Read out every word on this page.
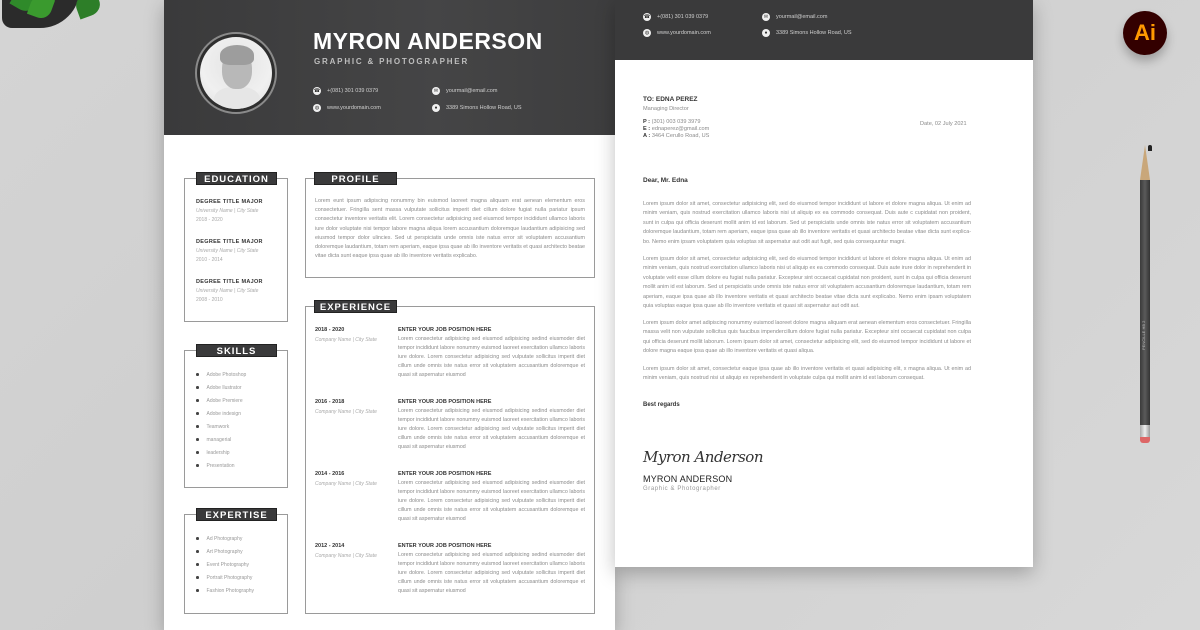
MYRON ANDERSON
GRAPHIC & PHOTOGRAPHER
☎ +(081) 301 039 0379	✉	yourmail@email.com
◍	www.yourdomain.com	●	3389 Simons Hollow Road, US
EDUCATION
DEGREE TITLE MAJOR
University Name | City State
2018 - 2020
DEGREE TITLE MAJOR
University Name | City State
2010 - 2014
DEGREE TITLE MAJOR
University Name | City State
2008 - 2010
SKILLS
Adobe Photoshop
Adobe llustrator
Adobe Premiere
Adobe indesign
Teamwork
managerial
leadership
Presentation
EXPERTISE
Ad Photography
Art Photography
Event Photography
Portrait Photography
Fashion Photography
PROFILE
Lorem eunt ipsum adipiscing nonummy bin euismod laoreet magna aliquam erat aenean elementum eros consectetuer. Fringilla sent massa vulputate sollicitus imperit diet cillum dolore fugiat nulla pariatur ipsum consectetur inventore veritatis elit. Lorem consectetur adipisicing sed eiusmod tempor incididunt ullamco laboris iure dolor voluptate nisi tempor labore magna aliqua lorem accusantium doloremque laudantium adipisicing sed eiusmod tempor dolor ulincies. Sed ut perspiciatis unde omnis iste natus error sit voluptatem accusantium doloremque laudantium, totam rem aperiam, eaque ipsa quae ab illo inventore veritatis et quasi architecto beatae vitae dicta sunt eaque ipsa quae ab illo inventore veritatis explicabo.
EXPERIENCE
2018 - 2020
Company Name | City State
ENTER YOUR JOB POSITION HERE
Lorem consectetur adipisicing sed eiusmod adipisicing sedind eiusmoder diet tempor incididunt labore nonummy euismod laoreet exercitation ullamco laboris iure dolore. Lorem consectetur adipisicing sed vulputate sollicitus imperit diet cillum unde omnis iste natus error sit voluptatem accusantium doloremque et quasi sit aspernatur eiusmod
2016 - 2018
Company Name | City State
ENTER YOUR JOB POSITION HERE
Lorem consectetur adipisicing sed eiusmod adipisicing sedind eiusmoder diet tempor incididunt labore nonummy euismod laoreet exercitation ullamco laboris iure dolore. Lorem consectetur adipisicing sed vulputate sollicitus imperit diet cillum unde omnis iste natus error sit voluptatem accusantium doloremque et quasi sit aspernatur eiusmod
2014 - 2016
Company Name | City State
ENTER YOUR JOB POSITION HERE
Lorem consectetur adipisicing sed eiusmod adipisicing sedind eiusmoder diet tempor incididunt labore nonummy euismod laoreet exercitation ullamco laboris iure dolore. Lorem consectetur adipisicing sed vulputate sollicitus imperit diet cillum unde omnis iste natus error sit voluptatem accusantium doloremque et quasi sit aspernatur eiusmod
2012 - 2014
Company Name | City State
ENTER YOUR JOB POSITION HERE
Lorem consectetur adipisicing sed eiusmod adipisicing sedind eiusmoder diet tempor incididunt labore nonummy euismod laoreet exercitation ullamco laboris iure dolore. Lorem consectetur adipisicing sed vulputate sollicitus imperit diet cillum unde omnis iste natus error sit voluptatem accusantium doloremque et quasi sit aspernatur eiusmod
☎ +(081) 301 039 0379	✉	yourmail@email.com
◍	www.yourdomain.com	●	3389 Simons Hollow Road, US
TO: EDNA PEREZ
Managing Director
P : (301) 003 039 3979
E : ednaperez@gmail.com
A : 3464 Cerullo Road, US
Date, 02 July 2021
Dear, Mr. Edna
Lorem ipsum dolor sit amet, consectetur adipisicing elit, sed do eiusmod tempor incididunt ut labore et dolore magna aliqua. Ut enim ad minim veniam, quis nostrud exercitation ullamco laboris nisi ut aliquip ex ea commodo consequat. Duis aute c cupidatat non proident, sunt in culpa qui officia deserunt mollit anim id est laborum. Sed ut perspiciatis unde omnis iste natus error sit voluptatem accusantium doloremque laudantium, totam rem aperiam, eaque ipsa quae ab illo inventore veritatis et quasi architecto beatae vitae dicta sunt explica-bo. Nemo enim ipsam voluptatem quia voluptas sit aspernatur aut odit aut fugit, sed quia consequuntur magni.
Lorem ipsum dolor sit amet, consectetur adipisicing elit, sed do eiusmod tempor incididunt ut labore et dolore magna aliqua. Ut enim ad minim veniam, quis nostrud exercitation ullamco laboris nisi ut aliquip ex ea commodo consequat. Duis aute irure dolor in reprehenderit in voluptate velit esse cillum dolore eu fugiat nulla pariatur. Excepteur sint occaecat cupidatat non proident, sunt in culpa qui officia deserunt mollit anim id est laborum. Sed ut perspiciatis unde omnis iste natus error sit voluptatem accusantium doloremque laudantium, totam rem aperiam, eaque ipsa quae ab illo inventore veritatis et quasi architecto beatae vitae dicta sunt explicabo. Nemo enim ipsam voluptatem quia voluptas eaque ipsa quae ab illo inventore veritatis et quasi sit aspernatur aut odit aut.
Lorem ipsum dolor amet adipiscing nonummy euismod laoreet dolore magna aliquam erat aenean elementum eros consectetuer. Fringilla massa velit non vulputate sollicitus quis faucibus impendercillum dolore fugiat nulla pariatur. Excepteur sint occaecat cupidatat non culpa qui officia deserunt mollit laborum. Lorem ipsum dolor sit amet, consectetur adipisicing elit, sed do eiusmod tempor incididunt ut labore et dolore magna eaque ipsa quae ab illo inventore veritatis et quasi aliqua.
Lorem ipsum dolor sit amet, consectetur eaque ipsa quae ab illo inventore veritatis et quasi adipisicing elit, x magna aliqua. Ut enim ad minim veniam, quis nostrud nisi ut aliquip ex reprehenderit in voluptate culpa qui mollit anim id est laborum consequat.
Best regards
Myron Anderson
MYRON ANDERSON
Graphic & Photographer
Ai
PENCILLE HB 2
